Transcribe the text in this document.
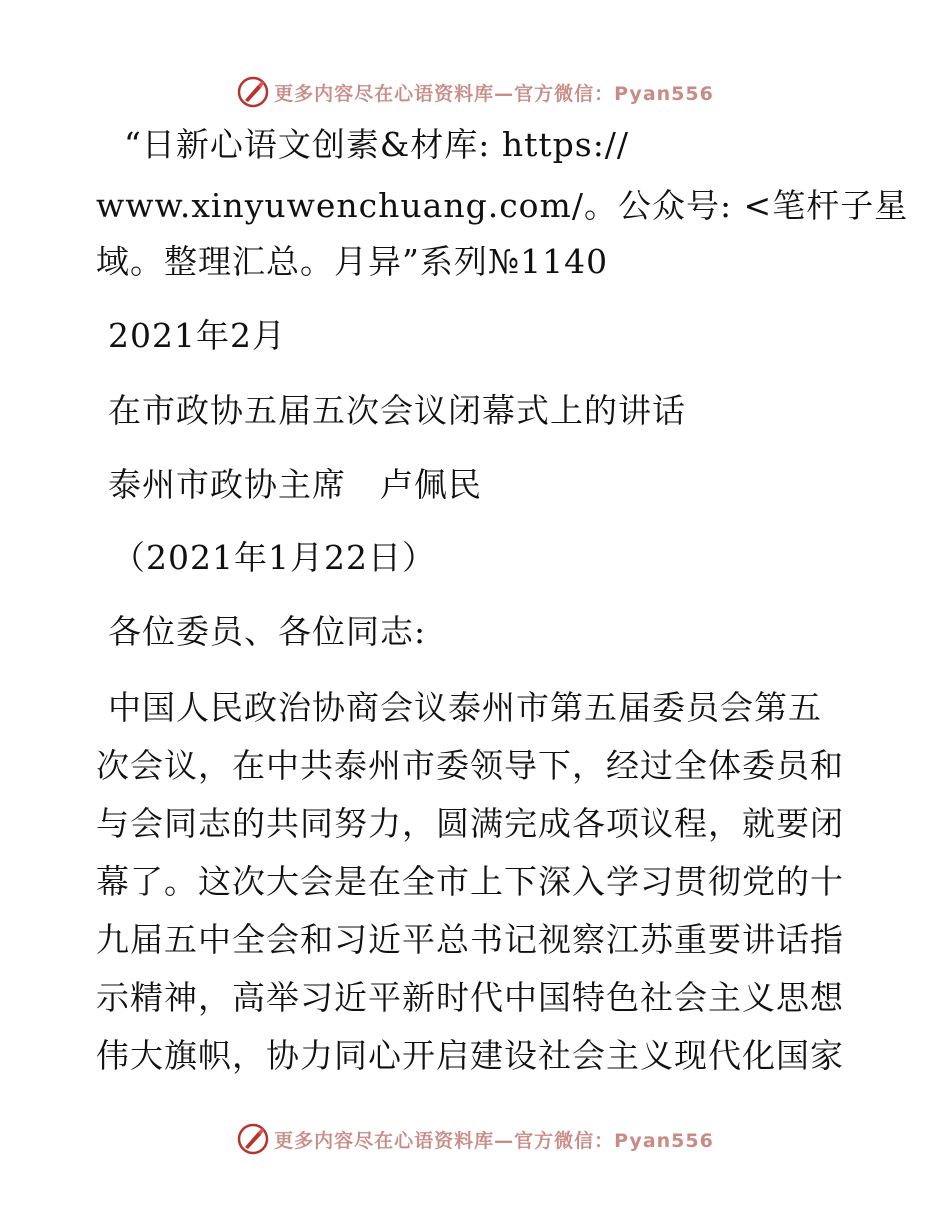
更多内容尽在心语资料库—官方微信：Pyan556

“日新心语文创素&材库: https://

www.xinyuwenchuang.com/。公众号: <笔杆子星

域。整理汇总。月异”系列№1140

2021年2月

在市政协五届五次会议闭幕式上的讲话

泰州市政协主席　卢佩民

（2021年1月22日）

各位委员、各位同志:

中国人民政治协商会议泰州市第五届委员会第五

次会议，在中共泰州市委领导下，经过全体委员和

与会同志的共同努力，圆满完成各项议程，就要闭

幕了。这次大会是在全市上下深入学习贯彻党的十

九届五中全会和习近平总书记视察江苏重要讲话指

示精神，高举习近平新时代中国特色社会主义思想

伟大旗帜，协力同心开启建设社会主义现代化国家

更多内容尽在心语资料库—官方微信：Pyan556
